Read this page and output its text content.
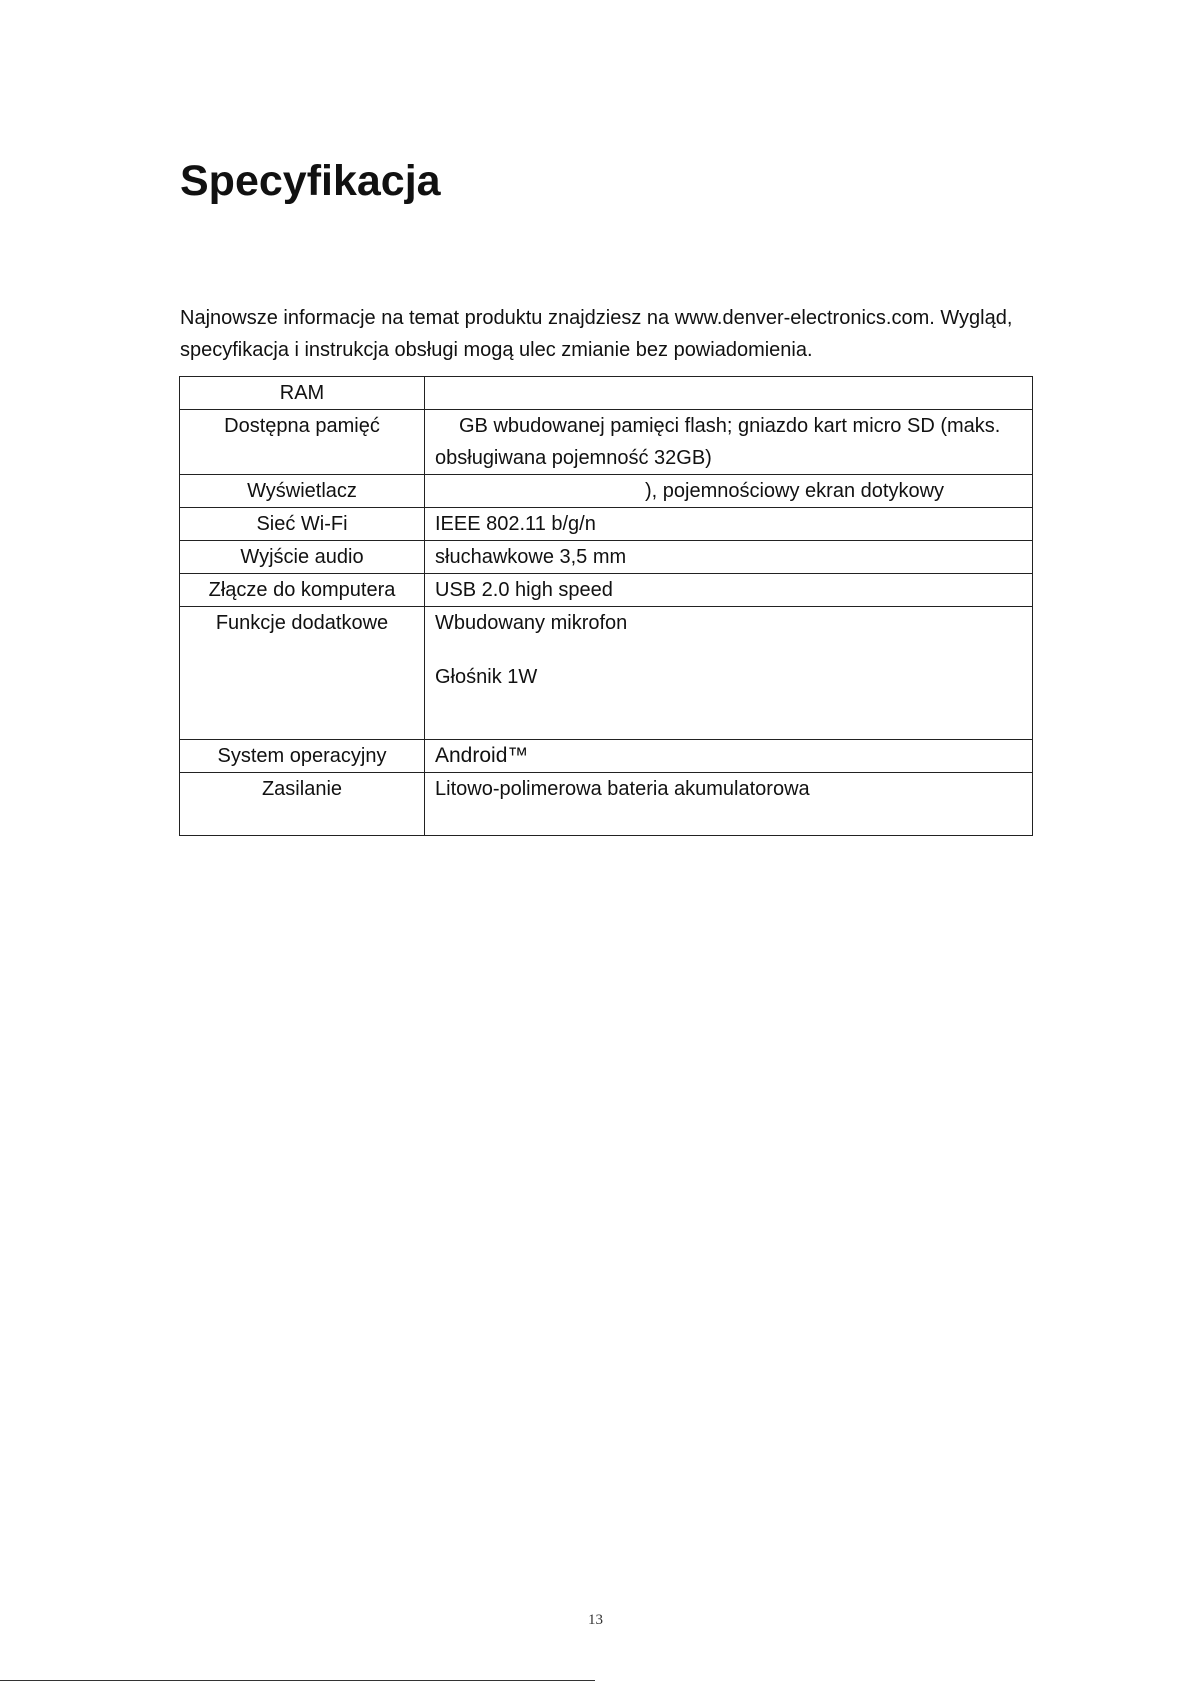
Specyfikacja

Najnowsze informacje na temat produktu znajdziesz na www.denver-electronics.com. Wygląd,
specyfikacja i instrukcja obsługi mogą ulec zmianie bez powiadomienia.

RAM	

Dostępna pamięć	GB wbudowanej pamięci flash; gniazdo kart micro SD (maks.
obsługiwana pojemność 32GB)

Wyświetlacz	), pojemnościowy ekran dotykowy

Sieć Wi-Fi	IEEE 802.11 b/g/n

Wyjście audio	słuchawkowe 3,5 mm

Złącze do komputera	USB 2.0 high speed

Funkcje dodatkowe	Wbudowany mikrofon
Głośnik 1W

System operacyjny	Android™

Zasilanie	Litowo-polimerowa bateria akumulatorowa
13
